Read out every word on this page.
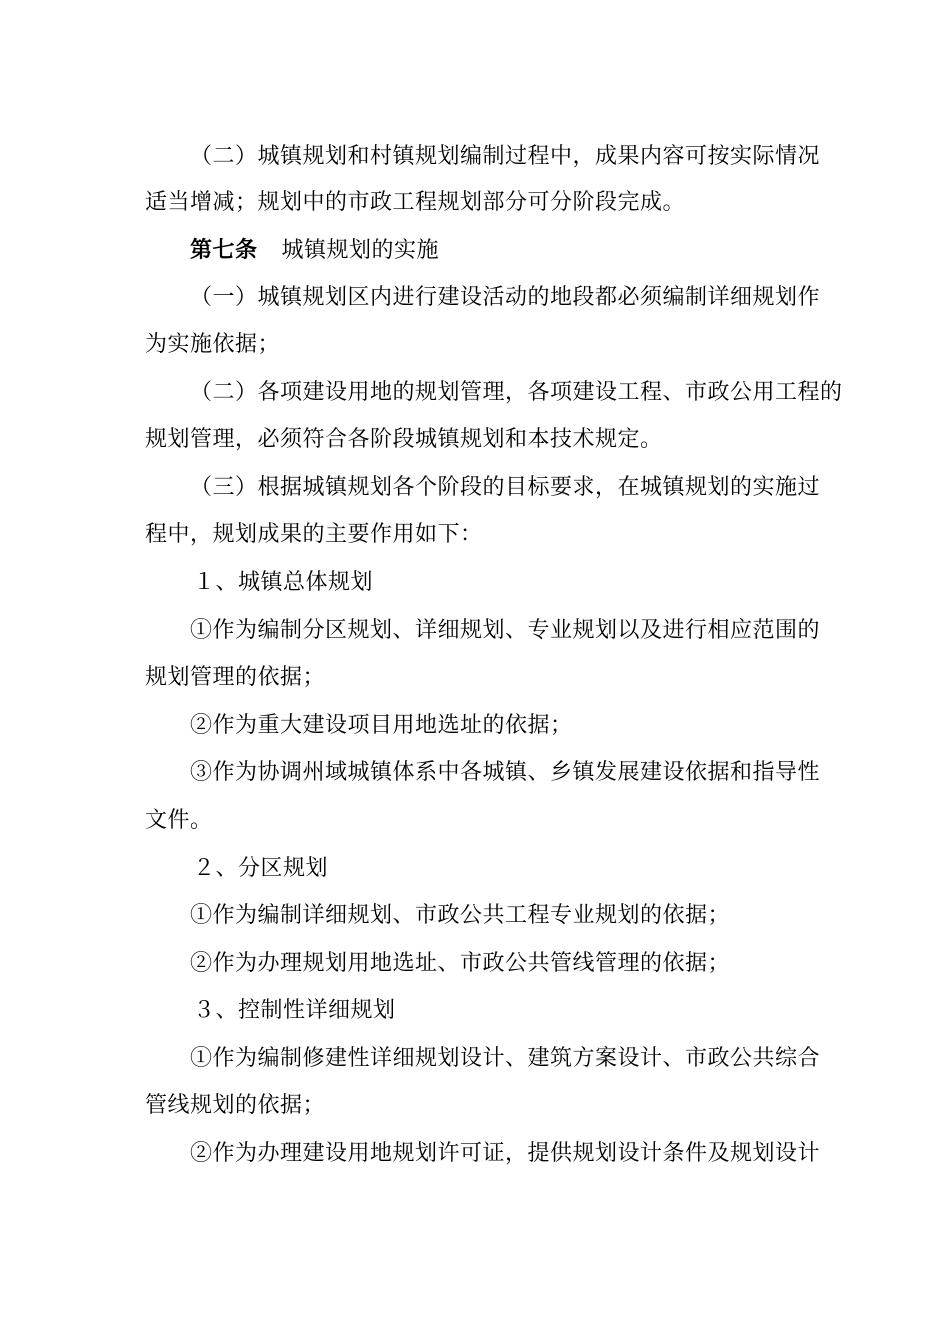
（二）城镇规划和村镇规划编制过程中，成果内容可按实际情况
适当增减；规划中的市政工程规划部分可分阶段完成。
第七条 城镇规划的实施
（一）城镇规划区内进行建设活动的地段都必须编制详细规划作
为实施依据；
（二）各项建设用地的规划管理，各项建设工程、市政公用工程的
规划管理，必须符合各阶段城镇规划和本技术规定。
（三）根据城镇规划各个阶段的目标要求，在城镇规划的实施过
程中，规划成果的主要作用如下：
１、城镇总体规划
①作为编制分区规划、详细规划、专业规划以及进行相应范围的
规划管理的依据；
②作为重大建设项目用地选址的依据；
③作为协调州域城镇体系中各城镇、乡镇发展建设依据和指导性
文件。
２、分区规划
①作为编制详细规划、市政公共工程专业规划的依据；
②作为办理规划用地选址、市政公共管线管理的依据；
３、控制性详细规划
①作为编制修建性详细规划设计、建筑方案设计、市政公共综合
管线规划的依据；
②作为办理建设用地规划许可证，提供规划设计条件及规划设计
